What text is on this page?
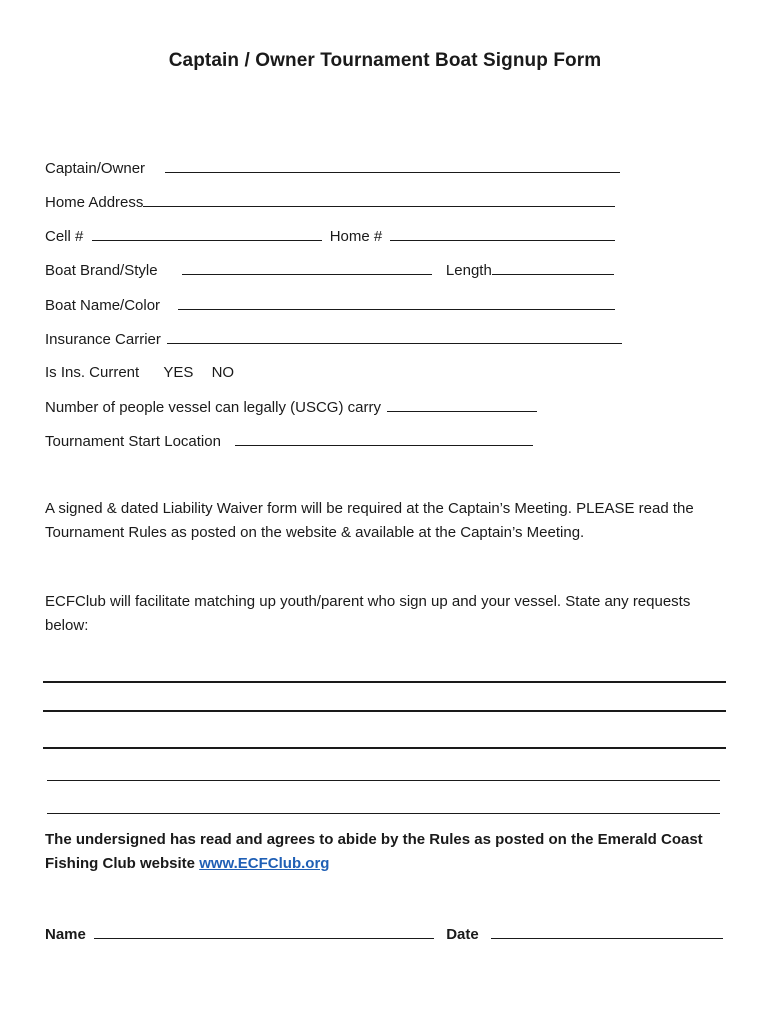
Captain / Owner Tournament Boat Signup Form
Captain/Owner
Home Address
Cell #	Home #
Boat Brand/Style	Length
Boat Name/Color
Insurance Carrier
Is Ins. Current YES NO
Number of people vessel can legally (USCG) carry
Tournament Start Location
A signed & dated Liability Waiver form will be required at the Captain’s Meeting. PLEASE read the Tournament Rules as posted on the website & available at the Captain’s Meeting.
ECFClub will facilitate matching up youth/parent who sign up and your vessel. State any requests below:
The undersigned has read and agrees to abide by the Rules as posted on the Emerald Coast Fishing Club website www.ECFClub.org
Name	Date
